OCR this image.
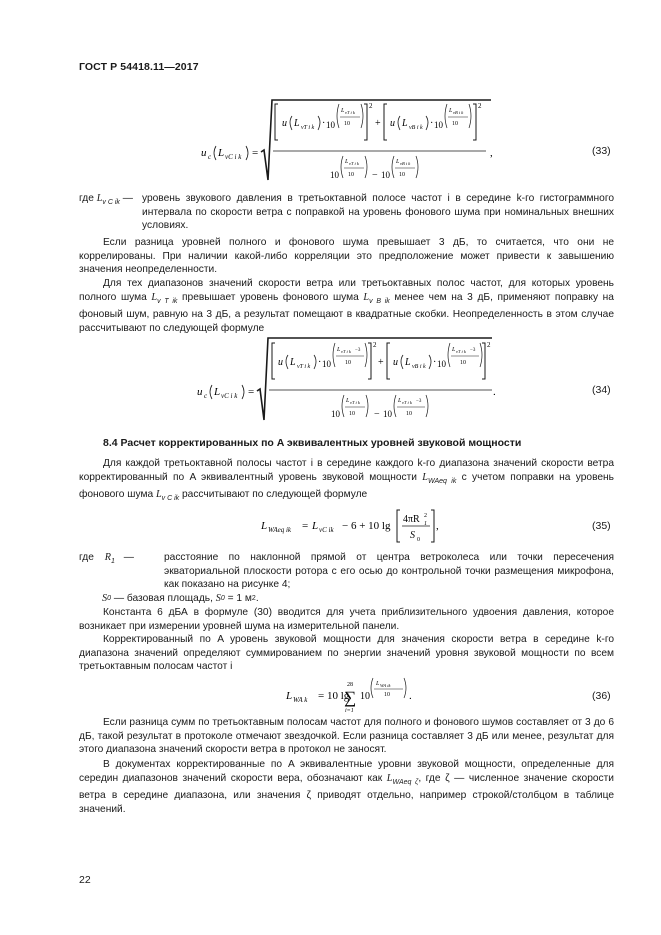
ГОСТ Р 54418.11—2017
u c L vC i k =
u L vT i k · 10
L vT i k
10
2
+ u L vB i k · 10
L vB i k
10
2
10
L vT i k
10 − 10
L vB i k
10
,	(33)
где $L_{v C ik}$ — уровень звукового давления в третьоктавной полосе частот i в середине k-го гистограммного интервала по скорости ветра с поправкой на уровень фонового шума при номинальных внешних условиях.
Если разница уровней полного и фонового шума превышает 3 дБ, то считается, что они не коррелированы. При наличии какой-либо корреляции это предположение может привести к завышению значения неопределенности.
Для тех диапазонов значений скорости ветра или третьоктавных полос частот, для которых уровень полного шума $L_{v T ik}$ превышает уровень фонового шума $L_{v B ik}$ менее чем на 3 дБ, применяют поправку на фоновый шум, равную на 3 дБ, а результат помещают в квадратные скобки. Неопределенность в этом случае рассчитывают по следующей формуле
u c L vC i k =
u L vT i k · 10
L vT i k −3
10
2
+ u L vB i k · 10
L vT i k −3
10
2
10
L vT i k
10 − 10
L vT i k −3
10
.	(34)
8.4 Расчет корректированных по A эквивалентных уровней звуковой мощности
Для каждой третьоктавной полосы частот i в середине каждого k-го диапазона значений скорости ветра корректированный по A эквивалентный уровень звуковой мощности $L_{WAeq ik}$ с учетом поправки на уровень фонового шума $L_{v C ik}$ рассчитывают по следующей формуле
L WAeq ik = L vC ik − 6 + 10 lg
4πR 1
2
S 0
,	(35)
где $R_1$ —	расстояние по наклонной прямой от центра ветроколеса или точки пересечения экваториальной плоскости ротора с его осью до контрольной точки размещения микрофона, как показано на рисунке 4;
S 0
—
базовая площадь,
S 0
= 1 м 2 .
Константа 6 дБА в формуле (30) вводится для учета приблизительного удвоения давления, которое возникает при измерении уровней шума на измерительной панели.
Корректированный по A уровень звуковой мощности для значения скорости ветра в середине k-го диапазона значений определяют суммированием по энергии значений уровня звуковой мощности по всем третьоктавным полосам частот i
L WA k = 10 lg
∑
28
i=1
10
L WA ik
10 .	(36)
Если разница сумм по третьоктавным полосам частот для полного и фонового шумов составляет от 3 до 6 дБ, такой результат в протоколе отмечают звездочкой. Если разница составляет 3 дБ или менее, результат для этого диапазона значений скорости ветра в протокол не заносят.
В документах корректированные по A эквивалентные уровни звуковой мощности, определенные для середин диапазонов значений скорости вера, обозначают как $L_{WAeq \zeta}$, где ζ — численное значение скорости ветра в середине диапазона, или значения ζ приводят отдельно, например строкой/столбцом в таблице значений.
22
